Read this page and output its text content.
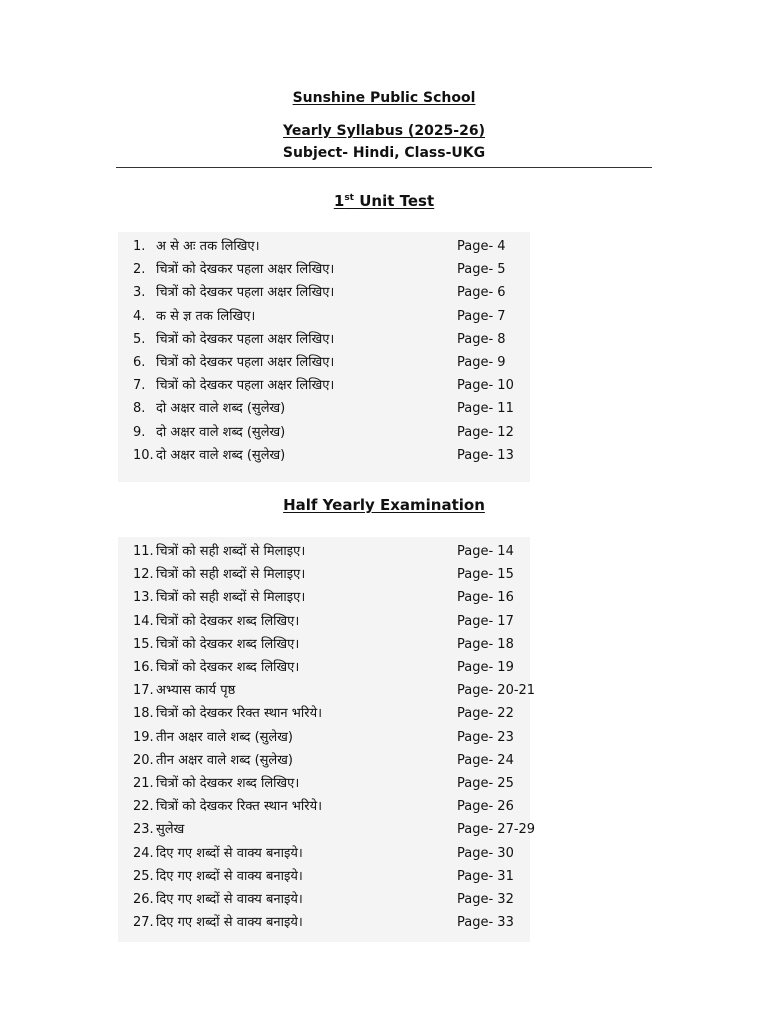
Sunshine Public School
Yearly Syllabus (2025-26)
Subject- Hindi, Class-UKG
1st Unit Test
1. अ से अः तक लिखिए।	Page- 4
2. चित्रों को देखकर पहला अक्षर लिखिए।	Page- 5
3. चित्रों को देखकर पहला अक्षर लिखिए।	Page- 6
4. क से ज्ञ तक लिखिए।	Page- 7
5. चित्रों को देखकर पहला अक्षर लिखिए।	Page- 8
6. चित्रों को देखकर पहला अक्षर लिखिए।	Page- 9
7. चित्रों को देखकर पहला अक्षर लिखिए।	Page- 10
8. दो अक्षर वाले शब्द (सुलेख)	Page- 11
9. दो अक्षर वाले शब्द (सुलेख)	Page- 12
10. दो अक्षर वाले शब्द (सुलेख)	Page- 13
Half Yearly Examination
11. चित्रों को सही शब्दों से मिलाइए।	Page- 14
12. चित्रों को सही शब्दों से मिलाइए।	Page- 15
13. चित्रों को सही शब्दों से मिलाइए।	Page- 16
14. चित्रों को देखकर शब्द लिखिए।	Page- 17
15. चित्रों को देखकर शब्द लिखिए।	Page- 18
16. चित्रों को देखकर शब्द लिखिए।	Page- 19
17. अभ्यास कार्य पृष्ठ	Page- 20-21
18. चित्रों को देखकर रिक्त स्थान भरिये।	Page- 22
19. तीन अक्षर वाले शब्द (सुलेख)	Page- 23
20. तीन अक्षर वाले शब्द (सुलेख)	Page- 24
21. चित्रों को देखकर शब्द लिखिए।	Page- 25
22. चित्रों को देखकर रिक्त स्थान भरिये।	Page- 26
23. सुलेख	Page- 27-29
24. दिए गए शब्दों से वाक्य बनाइये।	Page- 30
25. दिए गए शब्दों से वाक्य बनाइये।	Page- 31
26. दिए गए शब्दों से वाक्य बनाइये।	Page- 32
27. दिए गए शब्दों से वाक्य बनाइये।	Page- 33
